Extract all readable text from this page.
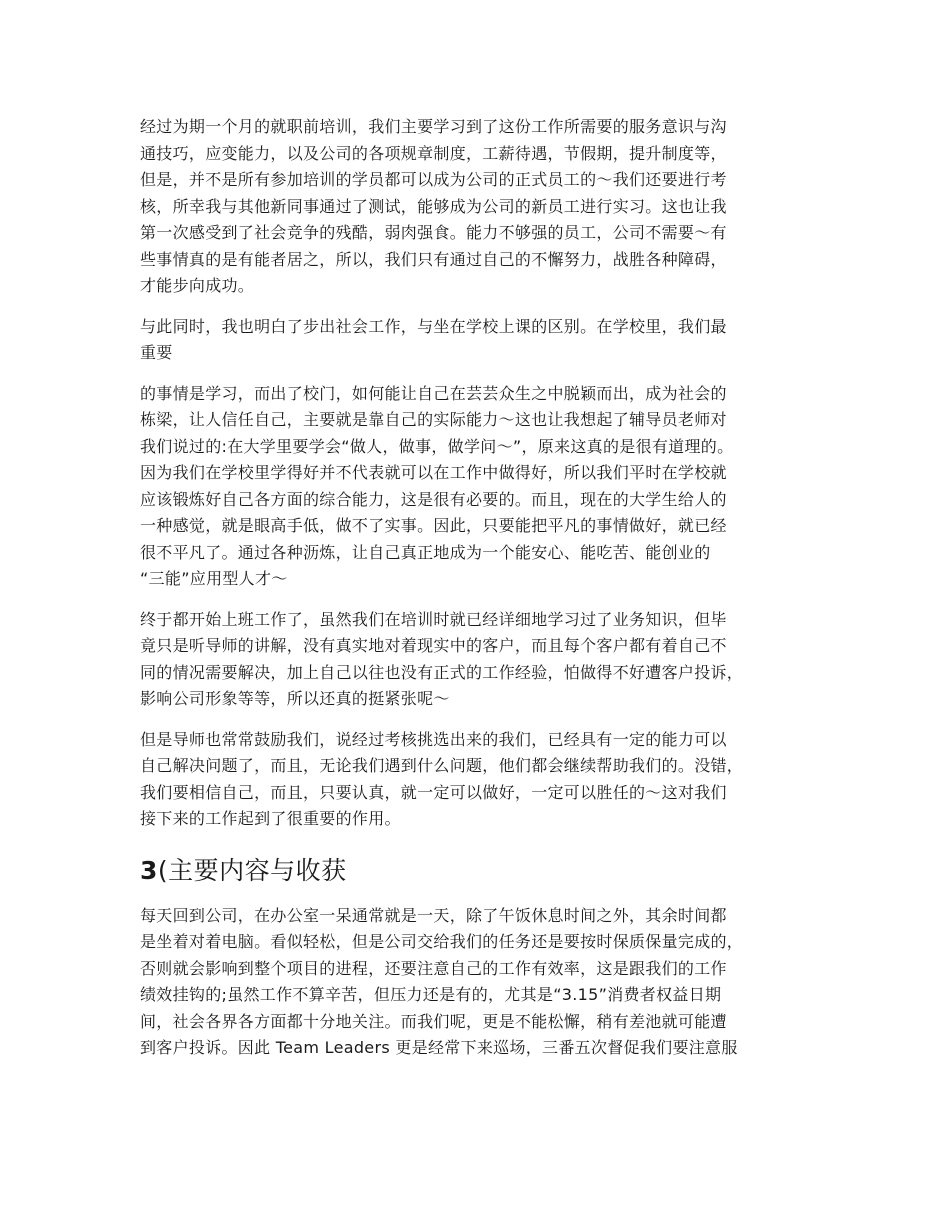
经过为期一个月的就职前培训，我们主要学习到了这份工作所需要的服务意识与沟
通技巧，应变能力，以及公司的各项规章制度，工薪待遇，节假期，提升制度等，
但是，并不是所有参加培训的学员都可以成为公司的正式员工的～我们还要进行考
核，所幸我与其他新同事通过了测试，能够成为公司的新员工进行实习。这也让我
第一次感受到了社会竞争的残酷，弱肉强食。能力不够强的员工，公司不需要～有
些事情真的是有能者居之，所以，我们只有通过自己的不懈努力，战胜各种障碍，
才能步向成功。

与此同时，我也明白了步出社会工作，与坐在学校上课的区别。在学校里，我们最
重要

的事情是学习，而出了校门，如何能让自己在芸芸众生之中脱颖而出，成为社会的
栋梁，让人信任自己，主要就是靠自己的实际能力～这也让我想起了辅导员老师对
我们说过的:在大学里要学会“做人，做事，做学问～”，原来这真的是很有道理的。
因为我们在学校里学得好并不代表就可以在工作中做得好，所以我们平时在学校就
应该锻炼好自己各方面的综合能力，这是很有必要的。而且，现在的大学生给人的
一种感觉，就是眼高手低，做不了实事。因此，只要能把平凡的事情做好，就已经
很不平凡了。通过各种沥炼，让自己真正地成为一个能安心、能吃苦、能创业的
“三能”应用型人才～

终于都开始上班工作了，虽然我们在培训时就已经详细地学习过了业务知识，但毕
竟只是听导师的讲解，没有真实地对着现实中的客户，而且每个客户都有着自己不
同的情况需要解决，加上自己以往也没有正式的工作经验，怕做得不好遭客户投诉，
影响公司形象等等，所以还真的挺紧张呢～

但是导师也常常鼓励我们，说经过考核挑选出来的我们，已经具有一定的能力可以
自己解决问题了，而且，无论我们遇到什么问题，他们都会继续帮助我们的。没错，
我们要相信自己，而且，只要认真，就一定可以做好，一定可以胜任的～这对我们
接下来的工作起到了很重要的作用。

3(主要内容与收获

每天回到公司，在办公室一呆通常就是一天，除了午饭休息时间之外，其余时间都
是坐着对着电脑。看似轻松，但是公司交给我们的任务还是要按时保质保量完成的，
否则就会影响到整个项目的进程，还要注意自己的工作有效率，这是跟我们的工作
绩效挂钩的;虽然工作不算辛苦，但压力还是有的，尤其是“3.15”消费者权益日期
间，社会各界各方面都十分地关注。而我们呢，更是不能松懈，稍有差池就可能遭
到客户投诉。因此 Team Leaders 更是经常下来巡场，三番五次督促我们要注意服
